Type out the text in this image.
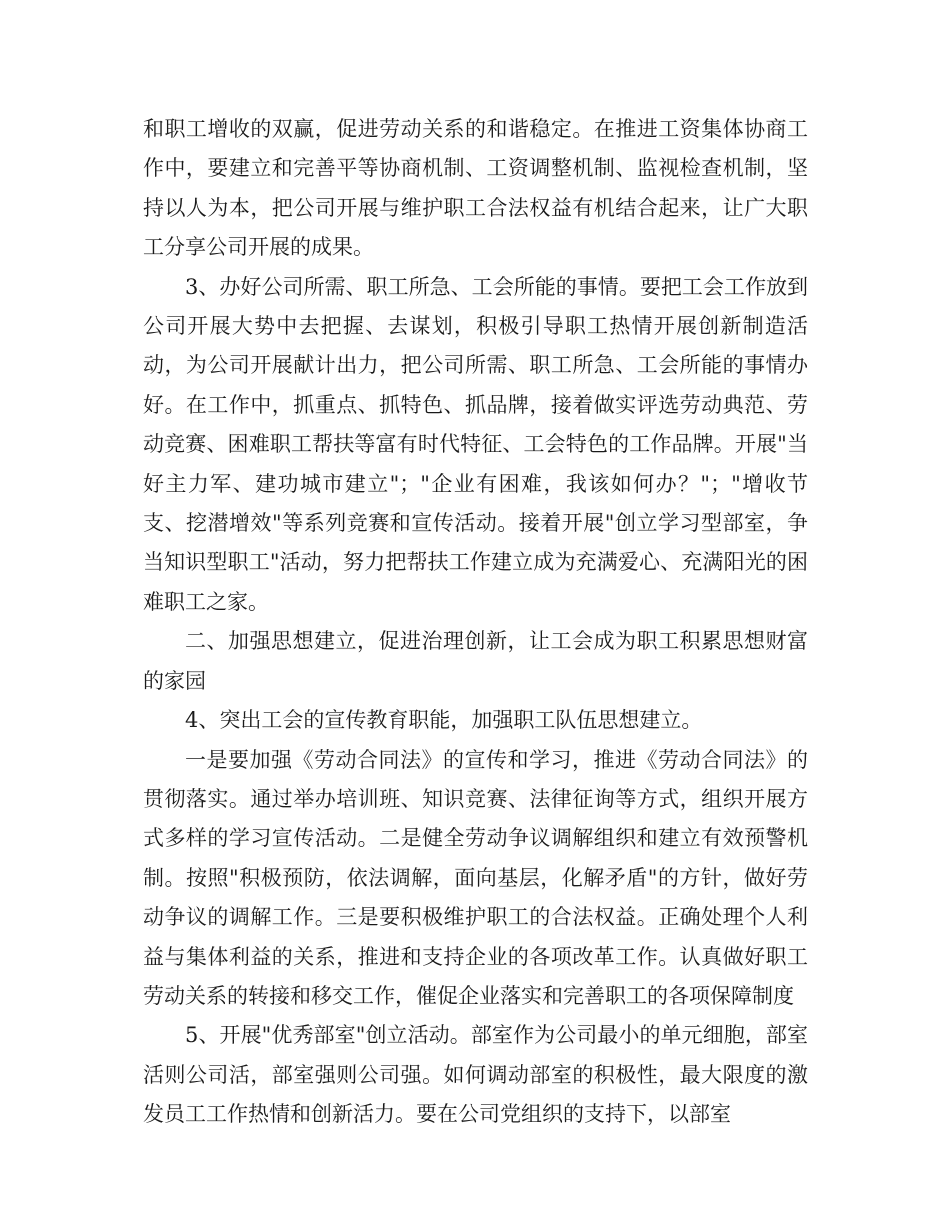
和职工增收的双赢，促进劳动关系的和谐稳定。在推进工资集体协商工作中，要建立和完善平等协商机制、工资调整机制、监视检查机制，坚持以人为本，把公司开展与维护职工合法权益有机结合起来，让广大职工分享公司开展的成果。

3、办好公司所需、职工所急、工会所能的事情。要把工会工作放到公司开展大势中去把握、去谋划，积极引导职工热情开展创新制造活动，为公司开展献计出力，把公司所需、职工所急、工会所能的事情办好。在工作中，抓重点、抓特色、抓品牌，接着做实评选劳动典范、劳动竞赛、困难职工帮扶等富有时代特征、工会特色的工作品牌。开展"当好主力军、建功城市建立"；"企业有困难，我该如何办？"；"增收节支、挖潜增效"等系列竞赛和宣传活动。接着开展"创立学习型部室，争当知识型职工"活动，努力把帮扶工作建立成为充满爱心、充满阳光的困难职工之家。

二、加强思想建立，促进治理创新，让工会成为职工积累思想财富的家园

4、突出工会的宣传教育职能，加强职工队伍思想建立。

一是要加强《劳动合同法》的宣传和学习，推进《劳动合同法》的贯彻落实。通过举办培训班、知识竞赛、法律征询等方式，组织开展方式多样的学习宣传活动。二是健全劳动争议调解组织和建立有效预警机制。按照"积极预防，依法调解，面向基层，化解矛盾"的方针，做好劳动争议的调解工作。三是要积极维护职工的合法权益。正确处理个人利益与集体利益的关系，推进和支持企业的各项改革工作。认真做好职工劳动关系的转接和移交工作，催促企业落实和完善职工的各项保障制度

5、开展"优秀部室"创立活动。部室作为公司最小的单元细胞，部室活则公司活，部室强则公司强。如何调动部室的积极性，最大限度的激发员工工作热情和创新活力。要在公司党组织的支持下，以部室
